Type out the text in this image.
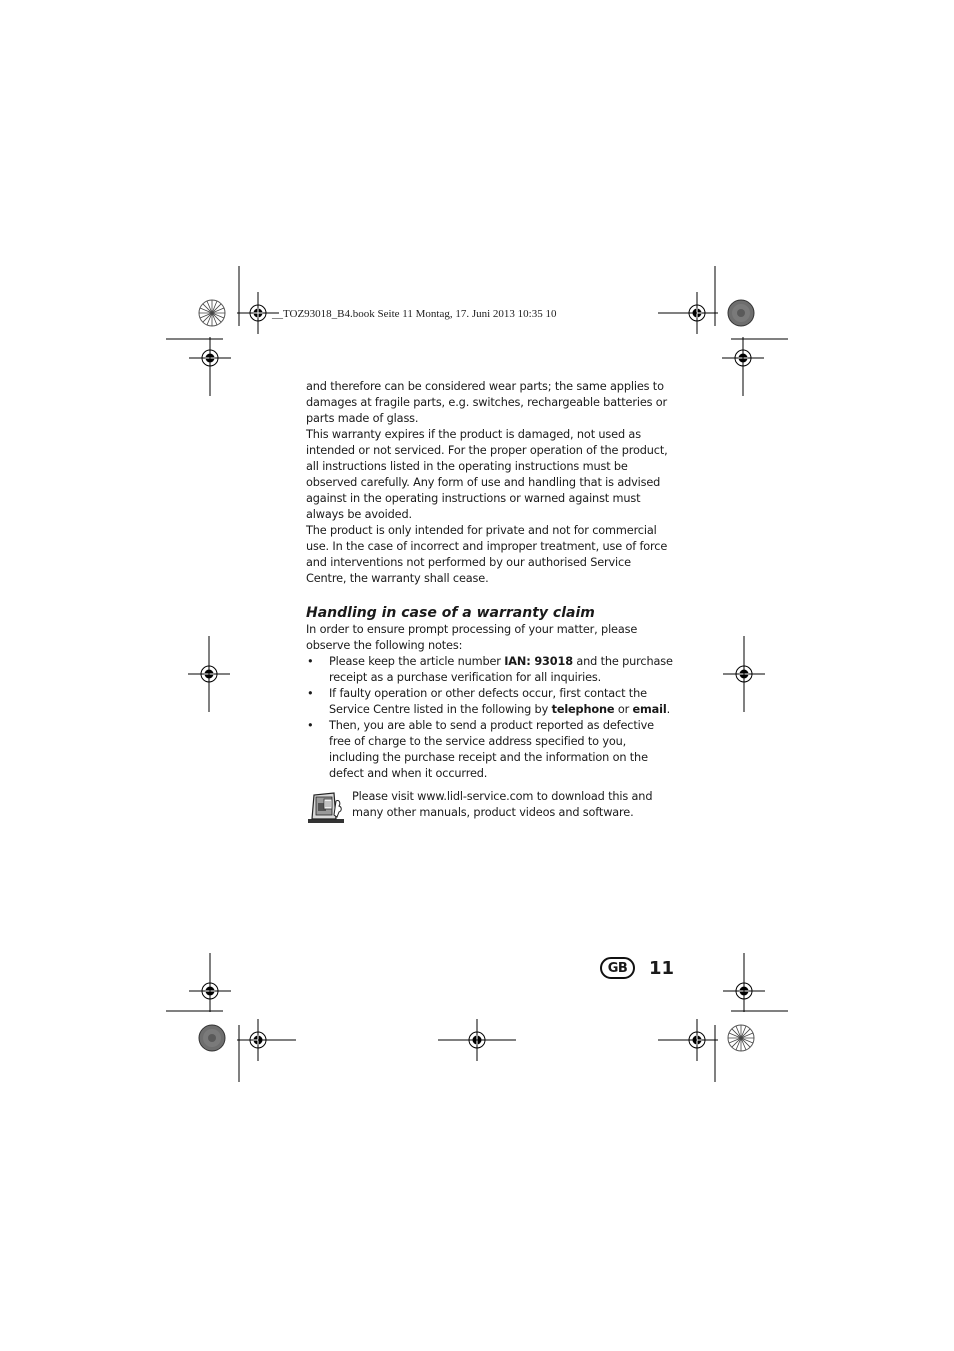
__TOZ93018_B4.book Seite 11 Montag, 17. Juni 2013 10:35 10

and therefore can be considered wear parts; the same applies to damages at fragile parts, e.g. switches, rechargeable batteries or parts made of glass.

This warranty expires if the product is damaged, not used as intended or not serviced. For the proper operation of the product, all instructions listed in the operating instructions must be observed carefully. Any form of use and handling that is advised against in the operating instructions or warned against must always be avoided.

The product is only intended for private and not for commercial use. In the case of incorrect and improper treatment, use of force and interventions not performed by our authorised Service Centre, the warranty shall cease.

Handling in case of a warranty claim

In order to ensure prompt processing of your matter, please observe the following notes:

• Please keep the article number IAN: 93018 and the purchase receipt as a purchase verification for all inquiries.
• If faulty operation or other defects occur, first contact the Service Centre listed in the following by telephone or email.
• Then, you are able to send a product reported as defective free of charge to the service address specified to you, including the purchase receipt and the information on the defect and when it occurred.
Please visit www.lidl-service.com to download this and many other manuals, product videos and software.
GB	11
